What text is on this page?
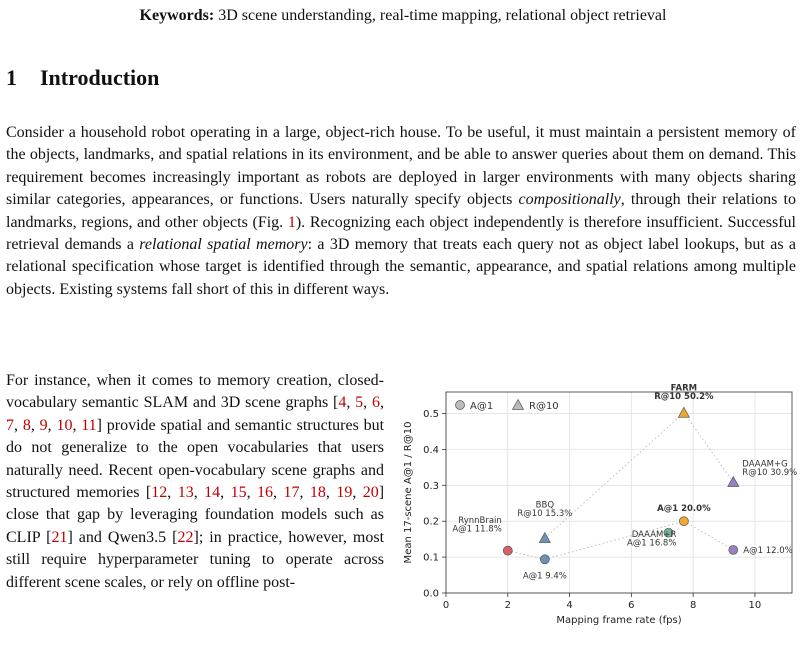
Keywords: 3D scene understanding, real-time mapping, relational object retrieval
1 Introduction

Consider a household robot operating in a large, object-rich house. To be useful, it must maintain a persistent memory of the objects, landmarks, and spatial relations in its environment, and be able to answer queries about them on demand. This requirement becomes increasingly important as robots are deployed in larger environments with many objects sharing similar categories, appearances, or functions. Users naturally specify objects compositionally, through their relations to landmarks, regions, and other objects (Fig. 1). Recognizing each object independently is therefore insufficient. Successful retrieval demands a relational spatial memory: a 3D memory that treats each query not as object label lookups, but as a relational specification whose target is identified through the semantic, appearance, and spatial relations among multiple objects. Existing systems fall short of this in different ways.

For instance, when it comes to memory creation, closed-vocabulary semantic SLAM and 3D scene graphs [4, 5, 6, 7, 8, 9, 10, 11] provide spatial and semantic structures but do not generalize to the open vocabularies that users naturally need. Recent open-vocabulary scene graphs and structured memories [12, 13, 14, 15, 16, 17, 18, 19, 20] close that gap by leveraging foundation models such as CLIP [21] and Qwen3.5 [22]; in practice, however, most still require hyperparameter tuning to operate across different scene scales, or rely on offline post-

0	2	4	6	8	10
0.0
0.1
0.2
0.3
0.4
0.5
FARM R@10 50.2%
DAAAM+G R@10 30.9%
BBQ R@10 15.3%	A@1 20.0%
RynnBrain A@1 11.8%
DAAAM+R A@1 16.8%
A@1 9.4%
A@1 12.0%
A@1	R@10
Mapping frame rate (fps)
Mean 17-scene A@1 / R@10
